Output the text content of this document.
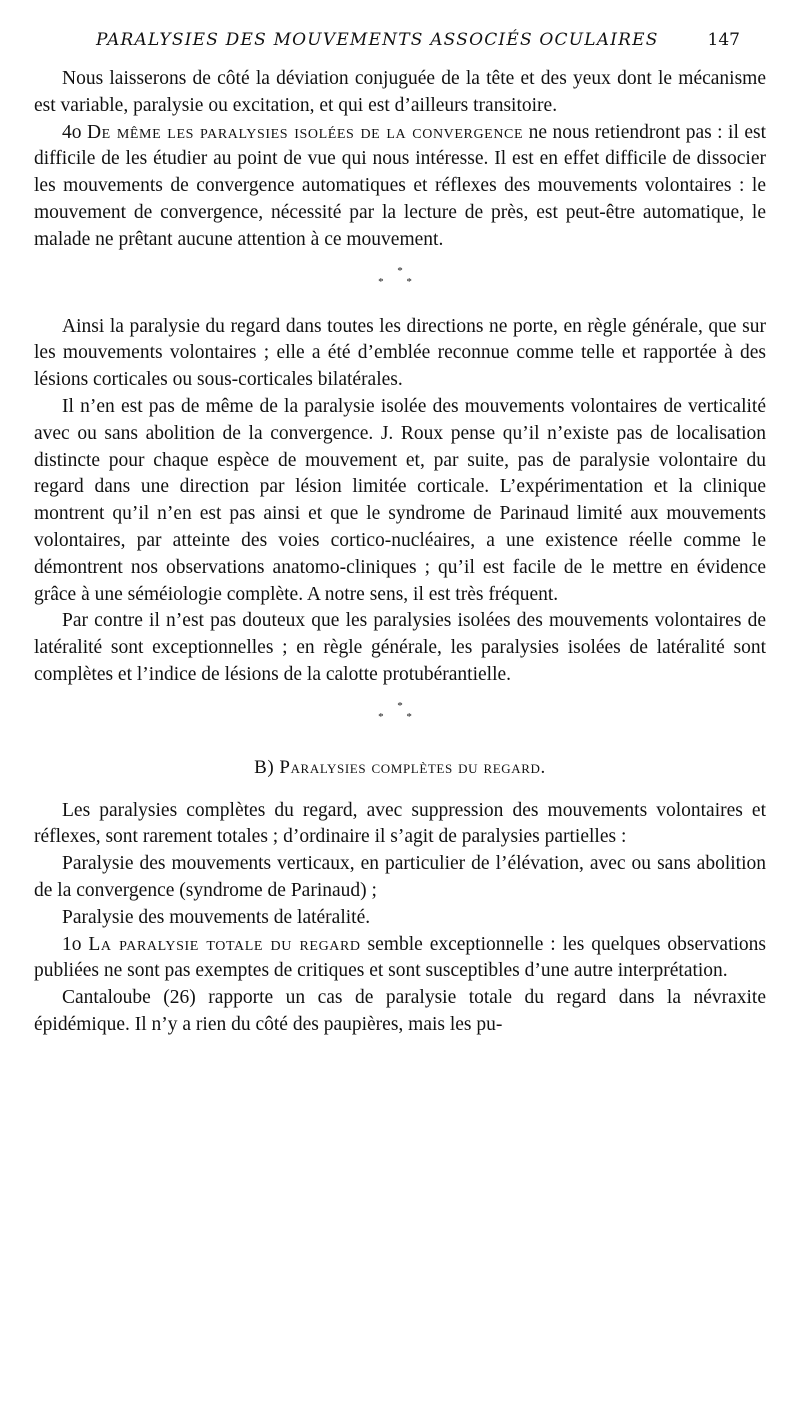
PARALYSIES DES MOUVEMENTS ASSOCIÉS OCULAIRES	147

Nous laisserons de côté la déviation conjuguée de la tête et des yeux dont le mécanisme est variable, paralysie ou excitation, et qui est d’ailleurs transitoire.

4o De même les paralysies isolées de la convergence ne nous retiendront pas : il est difficile de les étudier au point de vue qui nous intéresse. Il est en effet difficile de dissocier les mouvements de convergence automatiques et réflexes des mouvements volontaires : le mouvement de convergence, nécessité par la lecture de près, est peut-être automatique, le malade ne prêtant aucune attention à ce mouvement.

*
* *

Ainsi la paralysie du regard dans toutes les directions ne porte, en règle générale, que sur les mouvements volontaires ; elle a été d’emblée reconnue comme telle et rapportée à des lésions corticales ou sous-corticales bilatérales.

Il n’en est pas de même de la paralysie isolée des mouvements volontaires de verticalité avec ou sans abolition de la convergence. J. Roux pense qu’il n’existe pas de localisation distincte pour chaque espèce de mouvement et, par suite, pas de paralysie volontaire du regard dans une direction par lésion limitée corticale. L’expérimentation et la clinique montrent qu’il n’en est pas ainsi et que le syndrome de Parinaud limité aux mouvements volontaires, par atteinte des voies cortico-nucléaires, a une existence réelle comme le démontrent nos observations anatomo-cliniques ; qu’il est facile de le mettre en évidence grâce à une séméiologie complète. A notre sens, il est très fréquent.

Par contre il n’est pas douteux que les paralysies isolées des mouvements volontaires de latéralité sont exceptionnelles ; en règle générale, les paralysies isolées de latéralité sont complètes et l’indice de lésions de la calotte protubérantielle.

*
* *
B) Paralysies complètes du regard.

Les paralysies complètes du regard, avec suppression des mouvements volontaires et réflexes, sont rarement totales ; d’ordinaire il s’agit de paralysies partielles :

Paralysie des mouvements verticaux, en particulier de l’élévation, avec ou sans abolition de la convergence (syndrome de Parinaud) ;

Paralysie des mouvements de latéralité.

1o La paralysie totale du regard semble exceptionnelle : les quelques observations publiées ne sont pas exemptes de critiques et sont susceptibles d’une autre interprétation.

Cantaloube (26) rapporte un cas de paralysie totale du regard dans la névraxite épidémique. Il n’y a rien du côté des paupières, mais les pu-
